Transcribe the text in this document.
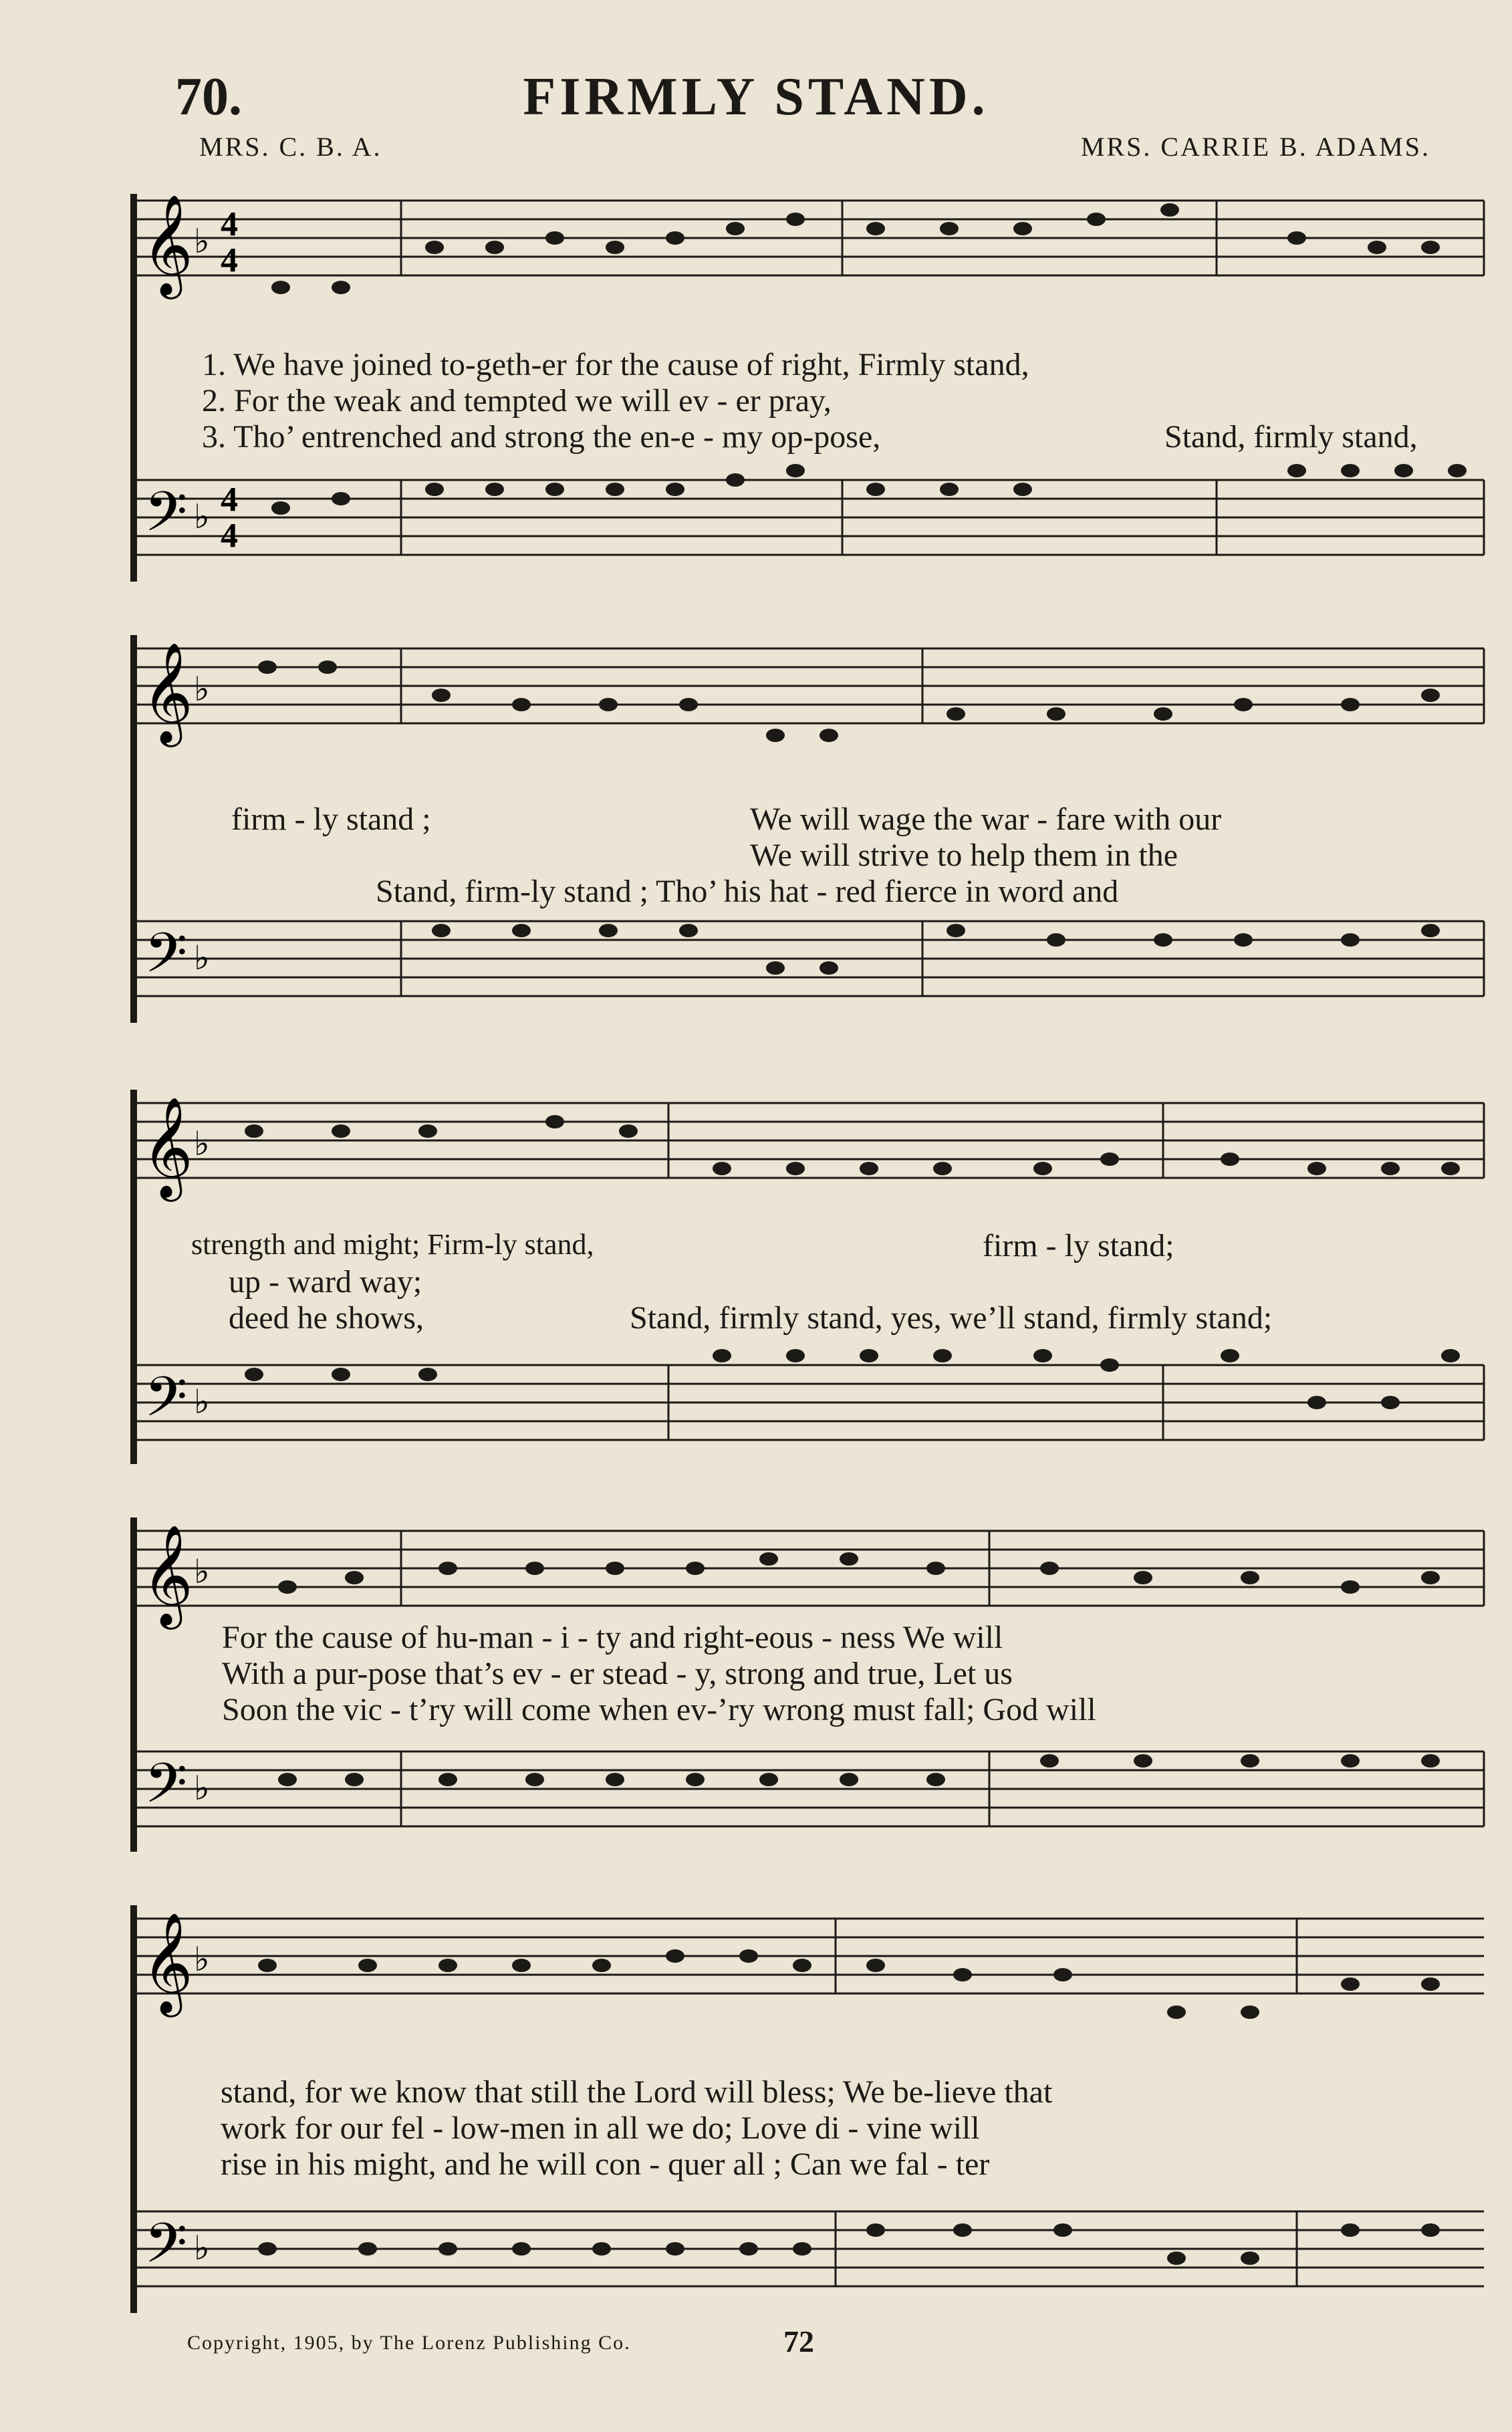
70.	FIRMLY STAND.
MRS. C. B. A.	MRS. CARRIE B. ADAMS.
𝄞
𝄢
♭
♭
4
4
4
4
1. We have joined to-geth-er for the cause of right, Firmly stand,
2. For the weak and tempted we will ev - er pray,
3. Tho’ entrenched and strong the en-e - my op-pose,	Stand, firmly stand,
𝄞
𝄢
♭
♭
firm - ly stand ;	We will wage the war - fare with our
We will strive to help them in the
Stand, firm-ly stand ; Tho’ his hat - red fierce in word and
𝄞
𝄢
♭
♭
strength and might; Firm-ly stand,	firm - ly stand;
up - ward way;
deed he shows,	Stand, firmly stand, yes, we’ll stand, firmly stand;
𝄞
𝄢
♭
♭
For the cause of hu-man - i - ty and right-eous - ness We will
With a pur-pose that’s ev - er stead - y, strong and true, Let us
Soon the vic - t’ry will come when ev-’ry wrong must fall; God will
𝄞
𝄢
♭
♭
stand, for we know that still the Lord will bless; We be-lieve that
work for our fel - low-men in all we do; Love di - vine will
rise in his might, and he will con - quer all ; Can we fal - ter
Copyright, 1905, by The Lorenz Publishing Co.	72
